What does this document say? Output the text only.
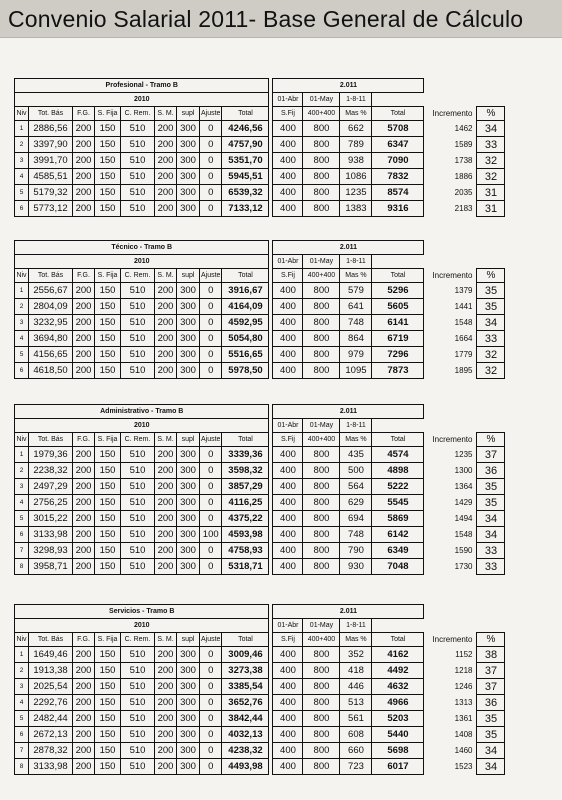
Convenio Salarial 2011- Base General de Cálculo
Profesional - Tramo B										2.011					
2010										01-Abr	01-May	1-8-11			
Niv	Tot. Bás	F.G.	S. Fija	C. Rem.	S. M.	supl	Ajuste	Total		S.Fij	400+400	Mas %	Total	Incremento	%
1	2886,56	200	150	510	200	300	0	4246,56		400	800	662	5708	1462	34
2	3397,90	200	150	510	200	300	0	4757,90		400	800	789	6347	1589	33
3	3991,70	200	150	510	200	300	0	5351,70		400	800	938	7090	1738	32
4	4585,51	200	150	510	200	300	0	5945,51		400	800	1086	7832	1886	32
5	5179,32	200	150	510	200	300	0	6539,32		400	800	1235	8574	2035	31
6	5773,12	200	150	510	200	300	0	7133,12		400	800	1383	9316	2183	31
Técnico - Tramo B										2.011					
2010										01-Abr	01-May	1-8-11			
Niv	Tot. Bás	F.G.	S. Fija	C. Rem.	S. M.	supl	Ajuste	Total		S.Fij	400+400	Mas %	Total	Incremento	%
1	2556,67	200	150	510	200	300	0	3916,67		400	800	579	5296	1379	35
2	2804,09	200	150	510	200	300	0	4164,09		400	800	641	5605	1441	35
3	3232,95	200	150	510	200	300	0	4592,95		400	800	748	6141	1548	34
4	3694,80	200	150	510	200	300	0	5054,80		400	800	864	6719	1664	33
5	4156,65	200	150	510	200	300	0	5516,65		400	800	979	7296	1779	32
6	4618,50	200	150	510	200	300	0	5978,50		400	800	1095	7873	1895	32
Administrativo - Tramo B										2.011					
2010										01-Abr	01-May	1-8-11			
Niv	Tot. Bás	F.G.	S. Fija	C. Rem.	S. M.	supl	Ajuste	Total		S.Fij	400+400	Mas %	Total	Incremento	%
1	1979,36	200	150	510	200	300	0	3339,36		400	800	435	4574	1235	37
2	2238,32	200	150	510	200	300	0	3598,32		400	800	500	4898	1300	36
3	2497,29	200	150	510	200	300	0	3857,29		400	800	564	5222	1364	35
4	2756,25	200	150	510	200	300	0	4116,25		400	800	629	5545	1429	35
5	3015,22	200	150	510	200	300	0	4375,22		400	800	694	5869	1494	34
6	3133,98	200	150	510	200	300	100	4593,98		400	800	748	6142	1548	34
7	3298,93	200	150	510	200	300	0	4758,93		400	800	790	6349	1590	33
8	3958,71	200	150	510	200	300	0	5318,71		400	800	930	7048	1730	33
Servicios - Tramo B										2.011					
2010										01-Abr	01-May	1-8-11			
Niv	Tot. Bás	F.G.	S. Fija	C. Rem.	S. M.	supl	Ajuste	Total		S.Fij	400+400	Mas %	Total	Incremento	%
1	1649,46	200	150	510	200	300	0	3009,46		400	800	352	4162	1152	38
2	1913,38	200	150	510	200	300	0	3273,38		400	800	418	4492	1218	37
3	2025,54	200	150	510	200	300	0	3385,54		400	800	446	4632	1246	37
4	2292,76	200	150	510	200	300	0	3652,76		400	800	513	4966	1313	36
5	2482,44	200	150	510	200	300	0	3842,44		400	800	561	5203	1361	35
6	2672,13	200	150	510	200	300	0	4032,13		400	800	608	5440	1408	35
7	2878,32	200	150	510	200	300	0	4238,32		400	800	660	5698	1460	34
8	3133,98	200	150	510	200	300	0	4493,98		400	800	723	6017	1523	34
